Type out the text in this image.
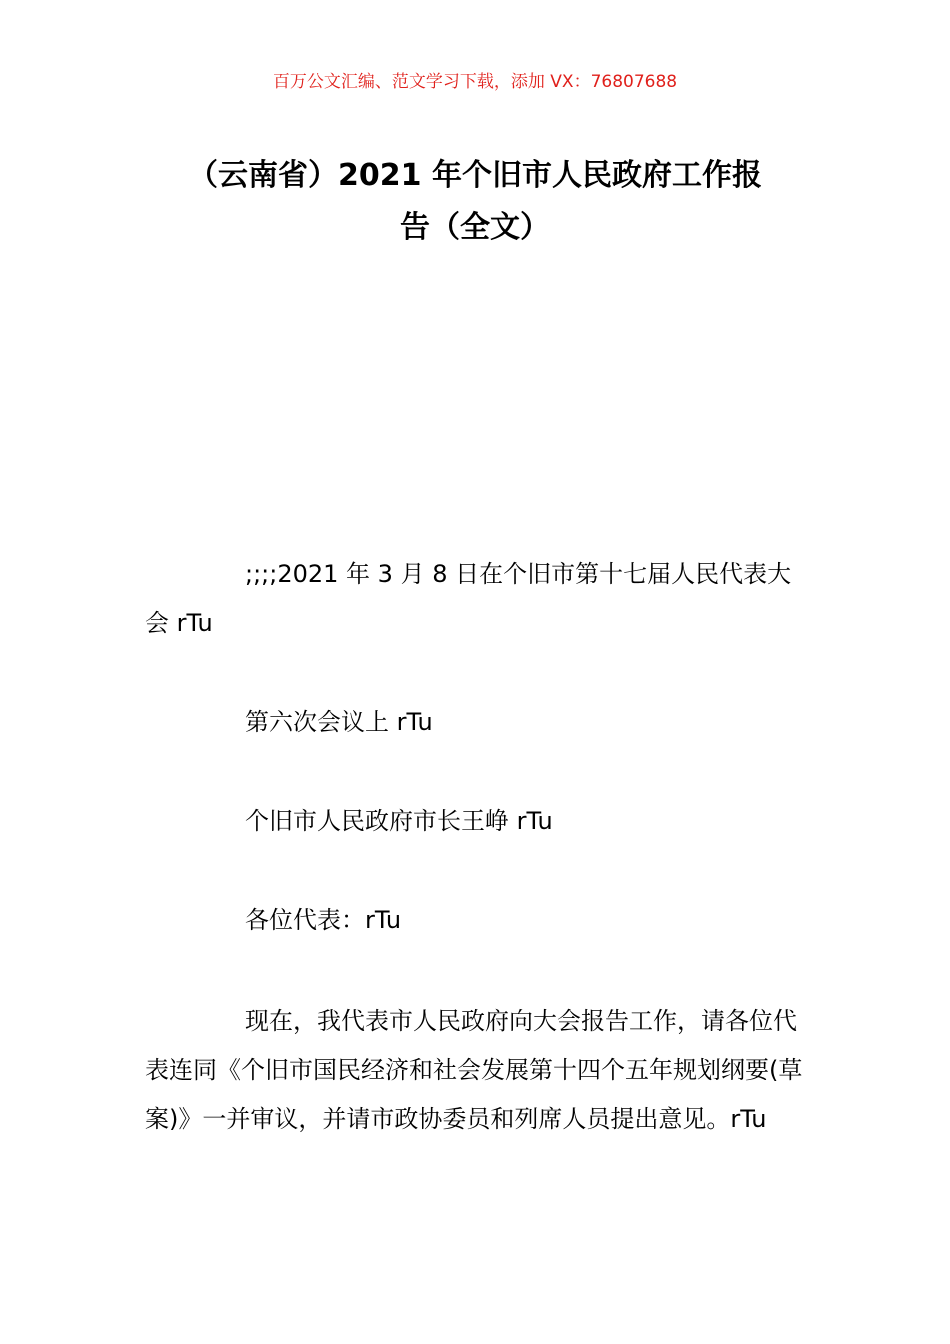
百万公文汇编、范文学习下载，添加 VX：76807688
（云南省）2021 年个旧市人民政府工作报
告（全文）

;;;;2021 年 3 月 8 日在个旧市第十七届人民代表大会 rTu

第六次会议上 rTu

个旧市人民政府市长王峥 rTu

各位代表：rTu

现在，我代表市人民政府向大会报告工作，请各位代表连同《个旧市国民经济和社会发展第十四个五年规划纲要(草案)》一并审议，并请市政协委员和列席人员提出意见。rTu
